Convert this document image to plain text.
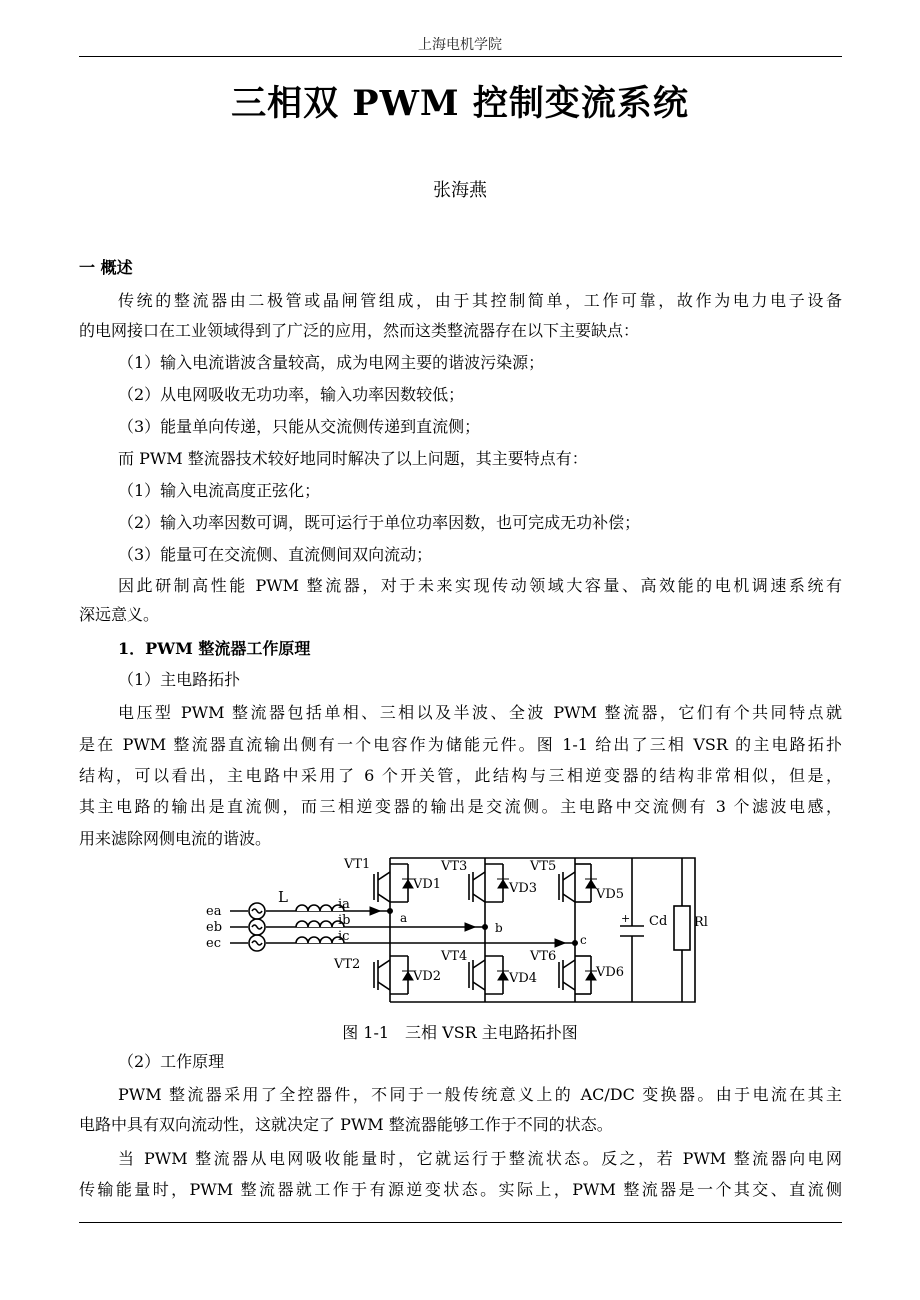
上海电机学院
三相双 PWM 控制变流系统

张海燕

一 概述

传统的整流器由二极管或晶闸管组成，由于其控制简单，工作可靠，故作为电力电子设备

的电网接口在工业领域得到了广泛的应用，然而这类整流器存在以下主要缺点：

（1）输入电流谐波含量较高，成为电网主要的谐波污染源；

（2）从电网吸收无功功率，输入功率因数较低；

（3）能量单向传递，只能从交流侧传递到直流侧；

而 PWM 整流器技术较好地同时解决了以上问题，其主要特点有：

（1）输入电流高度正弦化；

（2）输入功率因数可调，既可运行于单位功率因数，也可完成无功补偿；

（3）能量可在交流侧、直流侧间双向流动；

因此研制高性能 PWM 整流器，对于未来实现传动领域大容量、高效能的电机调速系统有

深远意义。

1．PWM 整流器工作原理

（1）主电路拓扑

电压型 PWM 整流器包括单相、三相以及半波、全波 PWM 整流器，它们有个共同特点就

是在 PWM 整流器直流输出侧有一个电容作为储能元件。图 1-1 给出了三相 VSR 的主电路拓扑

结构，可以看出，主电路中采用了 6 个开关管，此结构与三相逆变器的结构非常相似，但是，

其主电路的输出是直流侧，而三相逆变器的输出是交流侧。主电路中交流侧有 3 个滤波电感，

用来滤除网侧电流的谐波。

VT1
VD1
VT3
VD3
VT5
VD5
VT2
VD2
VT4
VD4
VT6
VD6
ea
eb
ec
L	ia
ib
ic
a
b
c
Cd Rl
+

图 1-1　三相 VSR 主电路拓扑图

（2）工作原理

PWM 整流器采用了全控器件，不同于一般传统意义上的 AC/DC 变换器。由于电流在其主

电路中具有双向流动性，这就决定了 PWM 整流器能够工作于不同的状态。

当 PWM 整流器从电网吸收能量时，它就运行于整流状态。反之，若 PWM 整流器向电网

传输能量时，PWM 整流器就工作于有源逆变状态。实际上，PWM 整流器是一个其交、直流侧
